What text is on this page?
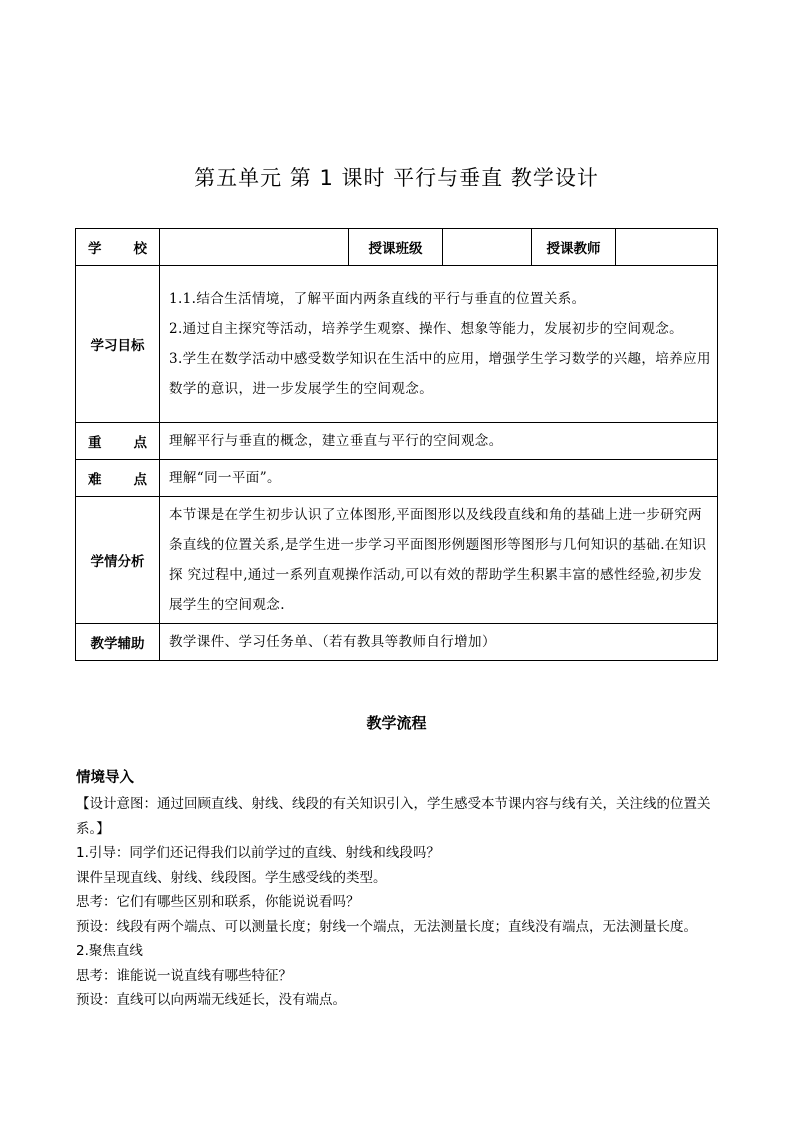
第五单元 第 1 课时 平行与垂直 教学设计
学 校		授课班级		授课教师	
学习目标	1.1.结合生活情境，了解平面内两条直线的平行与垂直的位置关系。

2.通过自主探究等活动，培养学生观察、操作、想象等能力，发展初步的空间观念。

3.学生在数学活动中感受数学知识在生活中的应用，增强学生学习数学的兴趣，培养应用数学的意识，进一步发展学生的空间观念。				

重 点	理解平行与垂直的概念，建立垂直与平行的空间观念。				

难 点	理解“同一平面”。				

学情分析	本节课是在学生初步认识了立体图形,平面图形以及线段直线和角的基础上进一步研究两条直线的位置关系,是学生进一步学习平面图形例题图形等图形与几何知识的基础.在知识探 究过程中,通过一系列直观操作活动,可以有效的帮助学生积累丰富的感性经验,初步发展学生的空间观念.				

教学辅助	教学课件、学习任务单、（若有教具等教师自行增加）				
教学流程

情境导入

【设计意图：通过回顾直线、射线、线段的有关知识引入，学生感受本节课内容与线有关，关注线的位置关系。】

1.引导：同学们还记得我们以前学过的直线、射线和线段吗？

课件呈现直线、射线、线段图。学生感受线的类型。

思考：它们有哪些区别和联系，你能说说看吗？

预设：线段有两个端点、可以测量长度；射线一个端点，无法测量长度；直线没有端点，无法测量长度。

2.聚焦直线

思考：谁能说一说直线有哪些特征？

预设：直线可以向两端无线延长，没有端点。
